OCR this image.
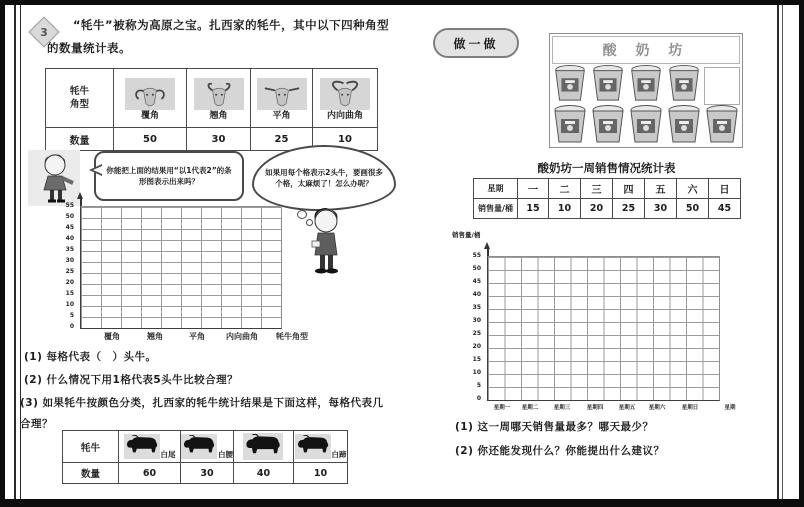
3	“牦牛”被称为高原之宝。扎西家的牦牛，其中以下四种角型的数量统计表。
牦牛角型	覆角	翘角	平角	内向曲角

数量	50	30	25	10
你能把上面的结果用“以1代表2”的条形图表示出来吗？
如果用每个格表示2头牛，要画很多个格，太麻烦了！怎么办呢？
55
50
45
40
35
30
25
20
15
10
5
0
覆角	翘角	平角	内向曲角 牦牛角型
(1) 每格代表（　）头牛。
(2) 什么情况下用1格代表5头牛比较合理？
(3) 如果牦牛按颜色分类，扎西家的牦牛统计结果是下面这样，每格代表几合理？
牦牛	白尾	白腰		白蹄

数量	60	30	40	10
做一做	酸 奶 坊
酸奶坊一周销售情况统计表
星期	一	二	三	四	五	六	日
销售量/桶	15	10	20	25	30	50	45
销售量/桶
55
50
45
40
35
30
25
20
15
10
5
0
星期一 星期二	星期三	星期四	星期五 星期六	星期日	星期
(1) 这一周哪天销售量最多？哪天最少？
(2) 你还能发现什么？你能提出什么建议？
